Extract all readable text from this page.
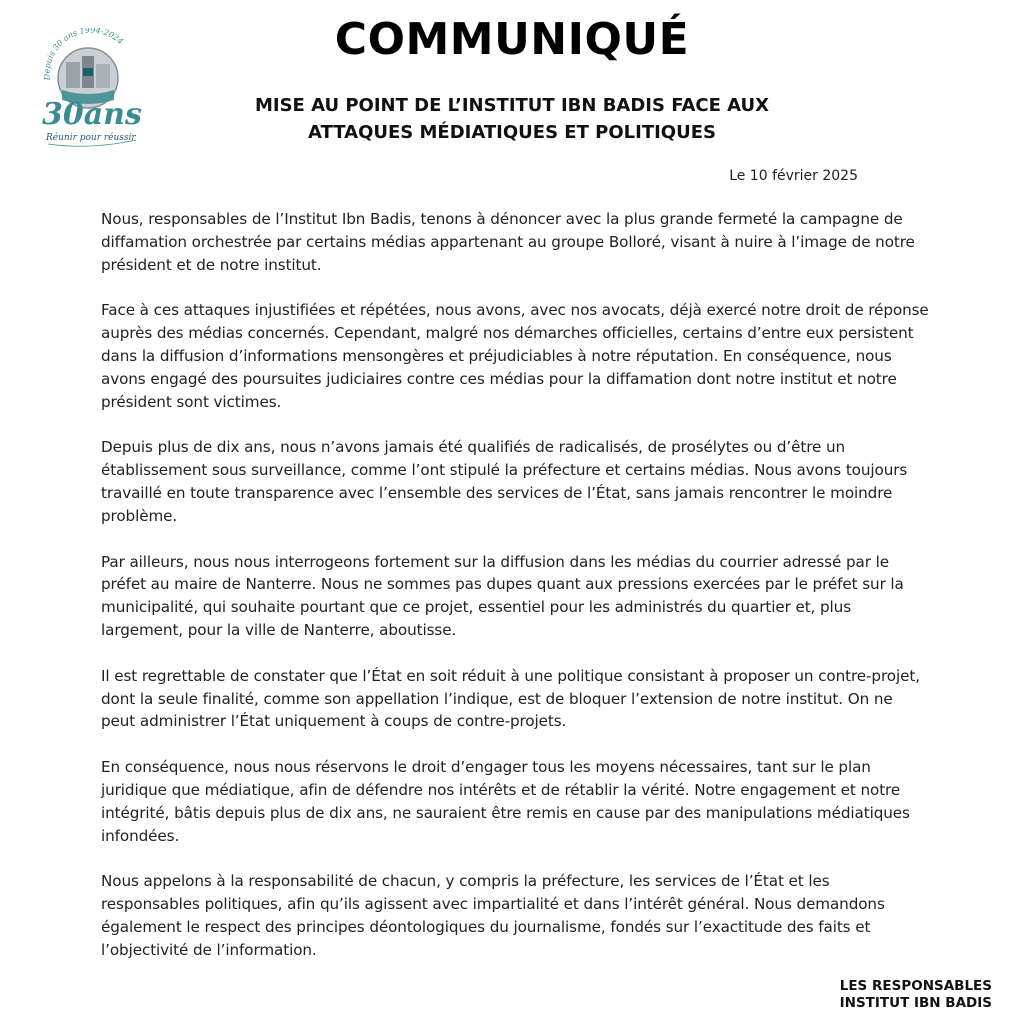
Depuis 30 ans 1994-2024
30ans
Réunir pour réussir
COMMUNIQUÉ
MISE AU POINT DE L’INSTITUT IBN BADIS FACE AUX
ATTAQUES MÉDIATIQUES ET POLITIQUES
Le 10 février 2025

Nous, responsables de l’Institut Ibn Badis, tenons à dénoncer avec la plus grande fermeté la campagne de diffamation orchestrée par certains médias appartenant au groupe Bolloré, visant à nuire à l’image de notre président et de notre institut.

Face à ces attaques injustifiées et répétées, nous avons, avec nos avocats, déjà exercé notre droit de réponse auprès des médias concernés. Cependant, malgré nos démarches officielles, certains d’entre eux persistent dans la diffusion d’informations mensongères et préjudiciables à notre réputation. En conséquence, nous avons engagé des poursuites judiciaires contre ces médias pour la diffamation dont notre institut et notre président sont victimes.

Depuis plus de dix ans, nous n’avons jamais été qualifiés de radicalisés, de prosélytes ou d’être un établissement sous surveillance, comme l’ont stipulé la préfecture et certains médias. Nous avons toujours travaillé en toute transparence avec l’ensemble des services de l’État, sans jamais rencontrer le moindre problème.

Par ailleurs, nous nous interrogeons fortement sur la diffusion dans les médias du courrier adressé par le préfet au maire de Nanterre. Nous ne sommes pas dupes quant aux pressions exercées par le préfet sur la municipalité, qui souhaite pourtant que ce projet, essentiel pour les administrés du quartier et, plus largement, pour la ville de Nanterre, aboutisse.

Il est regrettable de constater que l’État en soit réduit à une politique consistant à proposer un contre-projet, dont la seule finalité, comme son appellation l’indique, est de bloquer l’extension de notre institut. On ne peut administrer l’État uniquement à coups de contre-projets.

En conséquence, nous nous réservons le droit d’engager tous les moyens nécessaires, tant sur le plan juridique que médiatique, afin de défendre nos intérêts et de rétablir la vérité. Notre engagement et notre intégrité, bâtis depuis plus de dix ans, ne sauraient être remis en cause par des manipulations médiatiques infondées.

Nous appelons à la responsabilité de chacun, y compris la préfecture, les services de l’État et les responsables politiques, afin qu’ils agissent avec impartialité et dans l’intérêt général. Nous demandons également le respect des principes déontologiques du journalisme, fondés sur l’exactitude des faits et l’objectivité de l’information.

LES RESPONSABLES
INSTITUT IBN BADIS
